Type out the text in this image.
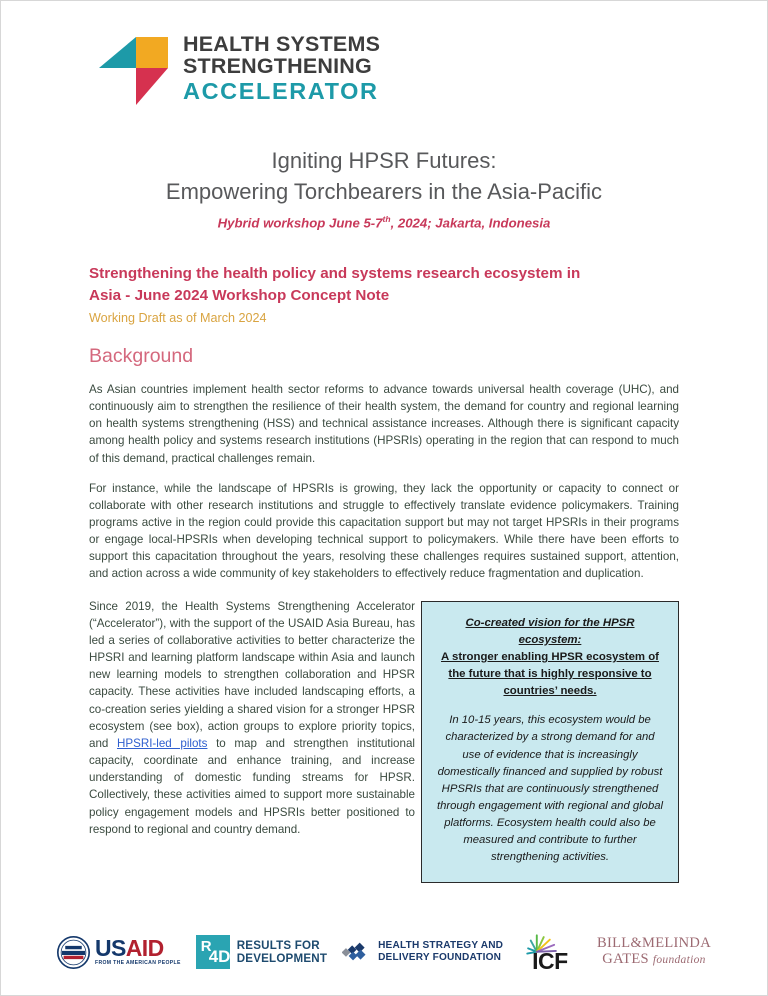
HEALTH SYSTEMS
STRENGTHENING
ACCELERATOR
Igniting HPSR Futures:
Empowering Torchbearers in the Asia-Pacific
Hybrid workshop June 5-7th, 2024; Jakarta, Indonesia
Strengthening the health policy and systems research ecosystem in
Asia - June 2024 Workshop Concept Note
Working Draft as of March 2024
Background

As Asian countries implement health sector reforms to advance towards universal health coverage (UHC), and continuously aim to strengthen the resilience of their health system, the demand for country and regional learning on health systems strengthening (HSS) and technical assistance increases. Although there is significant capacity among health policy and systems research institutions (HPSRIs) operating in the region that can respond to much of this demand, practical challenges remain.

For instance, while the landscape of HPSRIs is growing, they lack the opportunity or capacity to connect or collaborate with other research institutions and struggle to effectively translate evidence policymakers. Training programs active in the region could provide this capacitation support but may not target HPSRIs in their programs or engage local-HPSRIs when developing technical support to policymakers. While there have been efforts to support this capacitation throughout the years, resolving these challenges requires sustained support, attention, and action across a wide community of key stakeholders to effectively reduce fragmentation and duplication.

Since 2019, the Health Systems Strengthening Accelerator (“Accelerator”), with the support of the USAID Asia Bureau, has led a series of collaborative activities to better characterize the HPSRI and learning platform landscape within Asia and launch new learning models to strengthen collaboration and HPSR capacity. These activities have included landscaping efforts, a co-creation series yielding a shared vision for a stronger HPSR ecosystem (see box), action groups to explore priority topics, and HPSRI-led pilots to map and strengthen institutional capacity, coordinate and enhance training, and increase understanding of domestic funding streams for HPSR. Collectively, these activities aimed to support more sustainable policy engagement models and HPSRIs better positioned to respond to regional and country demand.

Co-created vision for the HPSR ecosystem:
A stronger enabling HPSR ecosystem of the future that is highly responsive to countries’ needs.
In 10-15 years, this ecosystem would be characterized by a strong demand for and use of evidence that is increasingly domestically financed and supplied by robust HPSRIs that are continuously strengthened through engagement with regional and global platforms. Ecosystem health could also be measured and contribute to further strengthening activities.
USAID
FROM THE AMERICAN PEOPLE
R
4D
RESULTS FOR
DEVELOPMENT
HEALTH STRATEGY AND
DELIVERY FOUNDATION ICF
BILL&MELINDA
GATES foundation
